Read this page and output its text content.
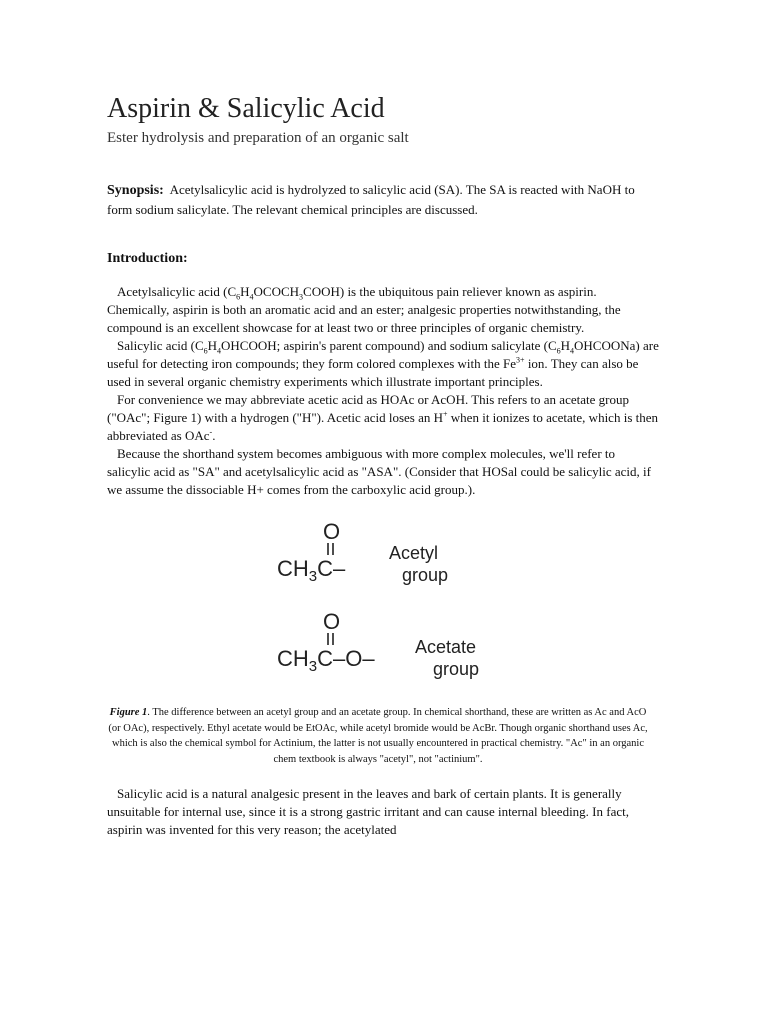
Aspirin & Salicylic Acid
Ester hydrolysis and preparation of an organic salt
Synopsis: Acetylsalicylic acid is hydrolyzed to salicylic acid (SA). The SA is reacted with NaOH to form sodium salicylate. The relevant chemical principles are discussed.
Introduction:

Acetylsalicylic acid $(C_6H_4OCOCH_3COOH)$ is the ubiquitous pain reliever known as aspirin. Chemically, aspirin is both an aromatic acid and an ester; analgesic properties notwithstanding, the compound is an excellent showcase for at least two or three principles of organic chemistry.

Salicylic acid ($C_6H_4OHCOOH$; aspirin's parent compound) and sodium salicylate $(C_6H_4OHCOONa)$ are useful for detecting iron compounds; they form colored complexes with the $Fe^{3+}$ ion. They can also be used in several organic chemistry experiments which illustrate important principles.

For convenience we may abbreviate acetic acid as HOAc or AcOH. This refers to an acetate group ("OAc"; Figure 1) with a hydrogen ("H"). Acetic acid loses an H+ when it ionizes to acetate, which is then abbreviated as OAc-.

Because the shorthand system becomes ambiguous with more complex molecules, we'll refer to salicylic acid as "SA" and acetylsalicylic acid as "ASA". (Consider that HOSal could be salicylic acid, if we assume the dissociable H+ comes from the carboxylic acid group.).

O
$CH_3C-$
Acetyl
group
O
$CH_3C-O-$ Acetate
group
Figure 1. The difference between an acetyl group and an acetate group. In chemical shorthand, these are written as Ac and AcO (or OAc), respectively. Ethyl acetate would be EtOAc, while acetyl bromide would be AcBr. Though organic shorthand uses Ac, which is also the chemical symbol for Actinium, the latter is not usually encountered in practical chemistry. "Ac" in an organic chem textbook is always "acetyl", not "actinium".

Salicylic acid is a natural analgesic present in the leaves and bark of certain plants. It is generally unsuitable for internal use, since it is a strong gastric irritant and can cause internal bleeding. In fact, aspirin was invented for this very reason; the acetylated
